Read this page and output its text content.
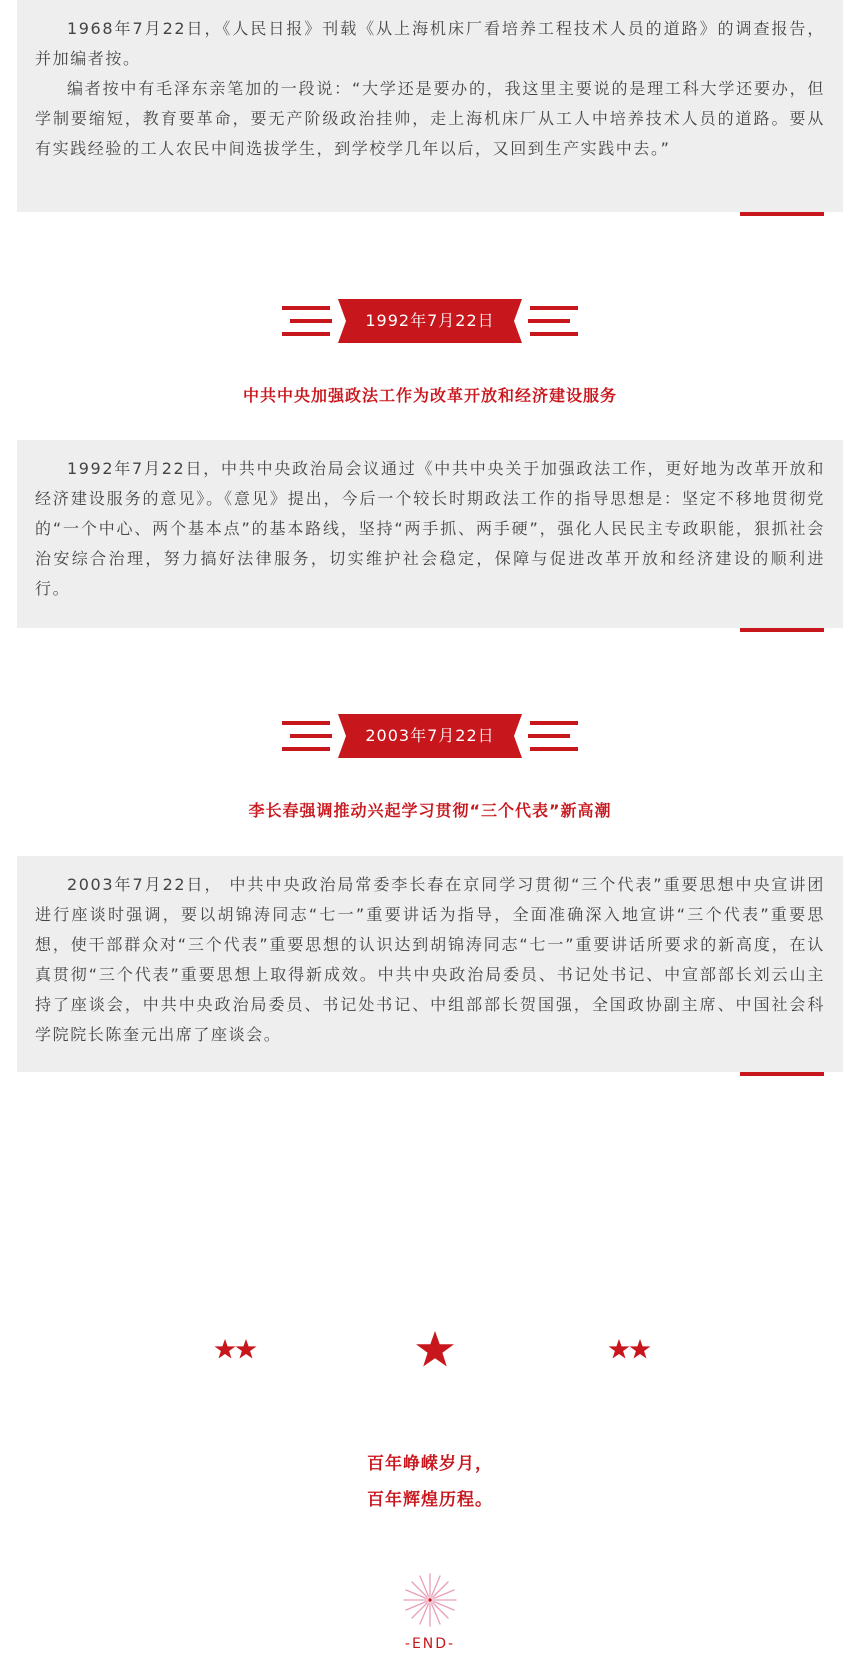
1968年7月22日，《人民日报》刊载《从上海机床厂看培养工程技术人员的道路》的调查报告，并加编者按。

编者按中有毛泽东亲笔加的一段说：“大学还是要办的，我这里主要说的是理工科大学还要办，但学制要缩短，教育要革命，要无产阶级政治挂帅，走上海机床厂从工人中培养技术人员的道路。要从有实践经验的工人农民中间选拔学生，到学校学几年以后，又回到生产实践中去。”

1992年7月22日
中共中央加强政法工作为改革开放和经济建设服务

1992年7月22日，中共中央政治局会议通过《中共中央关于加强政法工作，更好地为改革开放和经济建设服务的意见》。《意见》提出，今后一个较长时期政法工作的指导思想是：坚定不移地贯彻党的“一个中心、两个基本点”的基本路线，坚持“两手抓、两手硬”，强化人民民主专政职能，狠抓社会治安综合治理，努力搞好法律服务，切实维护社会稳定，保障与促进改革开放和经济建设的顺利进行。

2003年7月22日
李长春强调推动兴起学习贯彻“三个代表”新高潮

2003年7月22日， 中共中央政治局常委李长春在京同学习贯彻“三个代表”重要思想中央宣讲团进行座谈时强调，要以胡锦涛同志“七一”重要讲话为指导，全面准确深入地宣讲“三个代表”重要思想，使干部群众对“三个代表”重要思想的认识达到胡锦涛同志“七一”重要讲话所要求的新高度，在认真贯彻“三个代表”重要思想上取得新成效。中共中央政治局委员、书记处书记、中宣部部长刘云山主持了座谈会，中共中央政治局委员、书记处书记、中组部部长贺国强，全国政协副主席、中国社会科学院院长陈奎元出席了座谈会。

百年峥嵘岁月，
百年辉煌历程。
-END-
